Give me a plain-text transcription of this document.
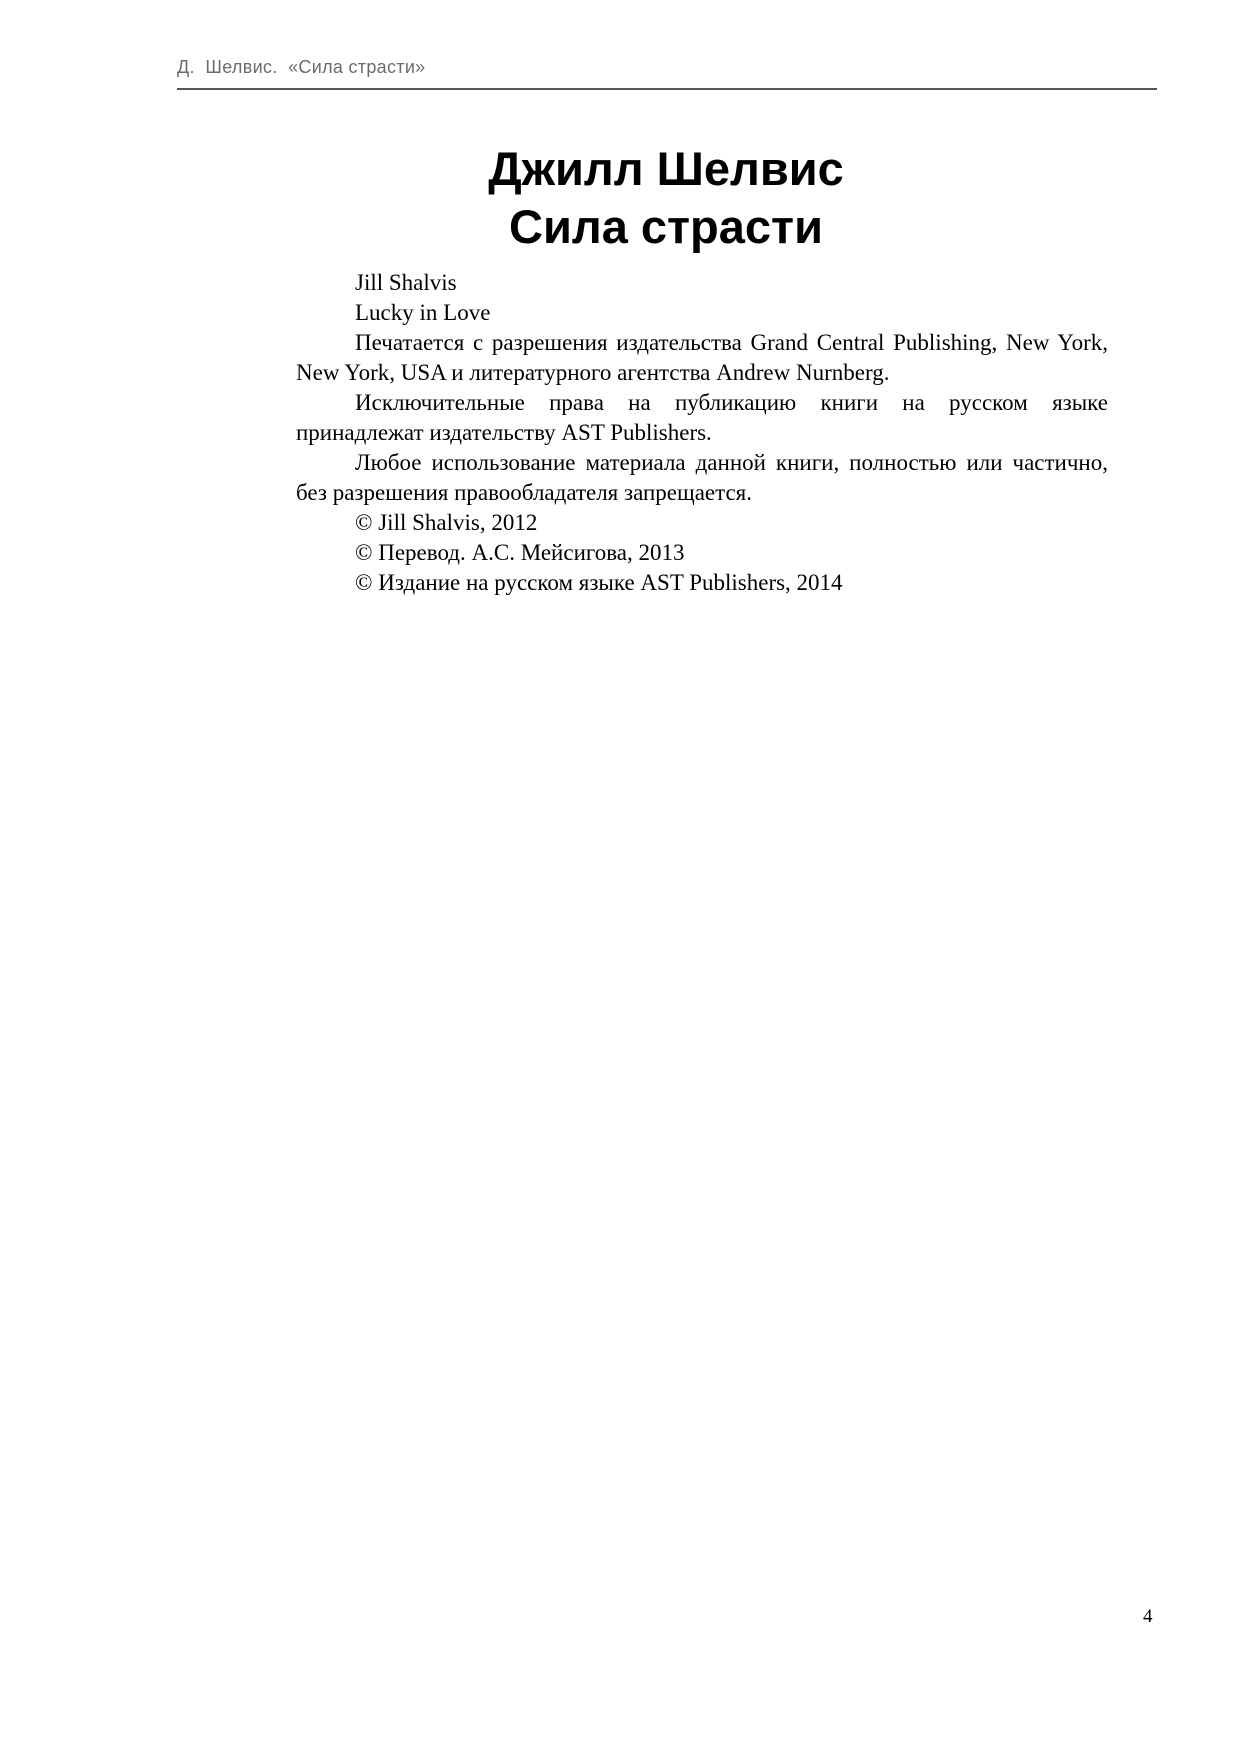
Д.  Шелвис.  «Сила страсти»
Джилл Шелвис
Сила страсти

Jill Shalvis

Lucky in Love

Печатается с разрешения издательства Grand Central Publishing, New York, New York, USA и литературного агентства Andrew Nurnberg.

Исключительные права на публикацию книги на русском языке принадлежат издательству AST Publishers.

Любое использование материала данной книги, полностью или частично, без разрешения правообладателя запрещается.

© Jill Shalvis, 2012

© Перевод. А.С. Мейсигова, 2013

© Издание на русском языке AST Publishers, 2014

4
